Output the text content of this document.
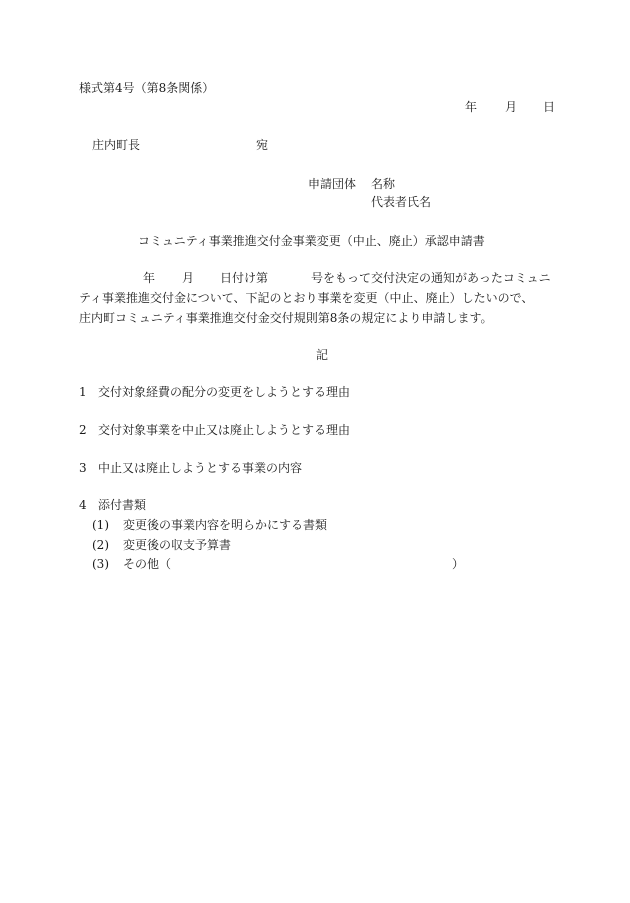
様式第4号（第8条関係）
年 月 日
庄内町長	宛
申請団体 名称
代表者氏名
コミュニティ事業推進交付金事業変更（中止、廃止）承認申請書
年 月 日付け第	号をもって交付決定の通知があったコミュニ
ティ事業推進交付金について、下記のとおり事業を変更（中止、廃止）したいので、
庄内町コミュニティ事業推進交付金交付規則第8条の規定により申請します。
記
1 交付対象経費の配分の変更をしようとする理由
2 交付対象事業を中止又は廃止しようとする理由
3 中止又は廃止しようとする事業の内容
4 添付書類
(1) 変更後の事業内容を明らかにする書類
(2) 変更後の収支予算書
(3) その他（	）
